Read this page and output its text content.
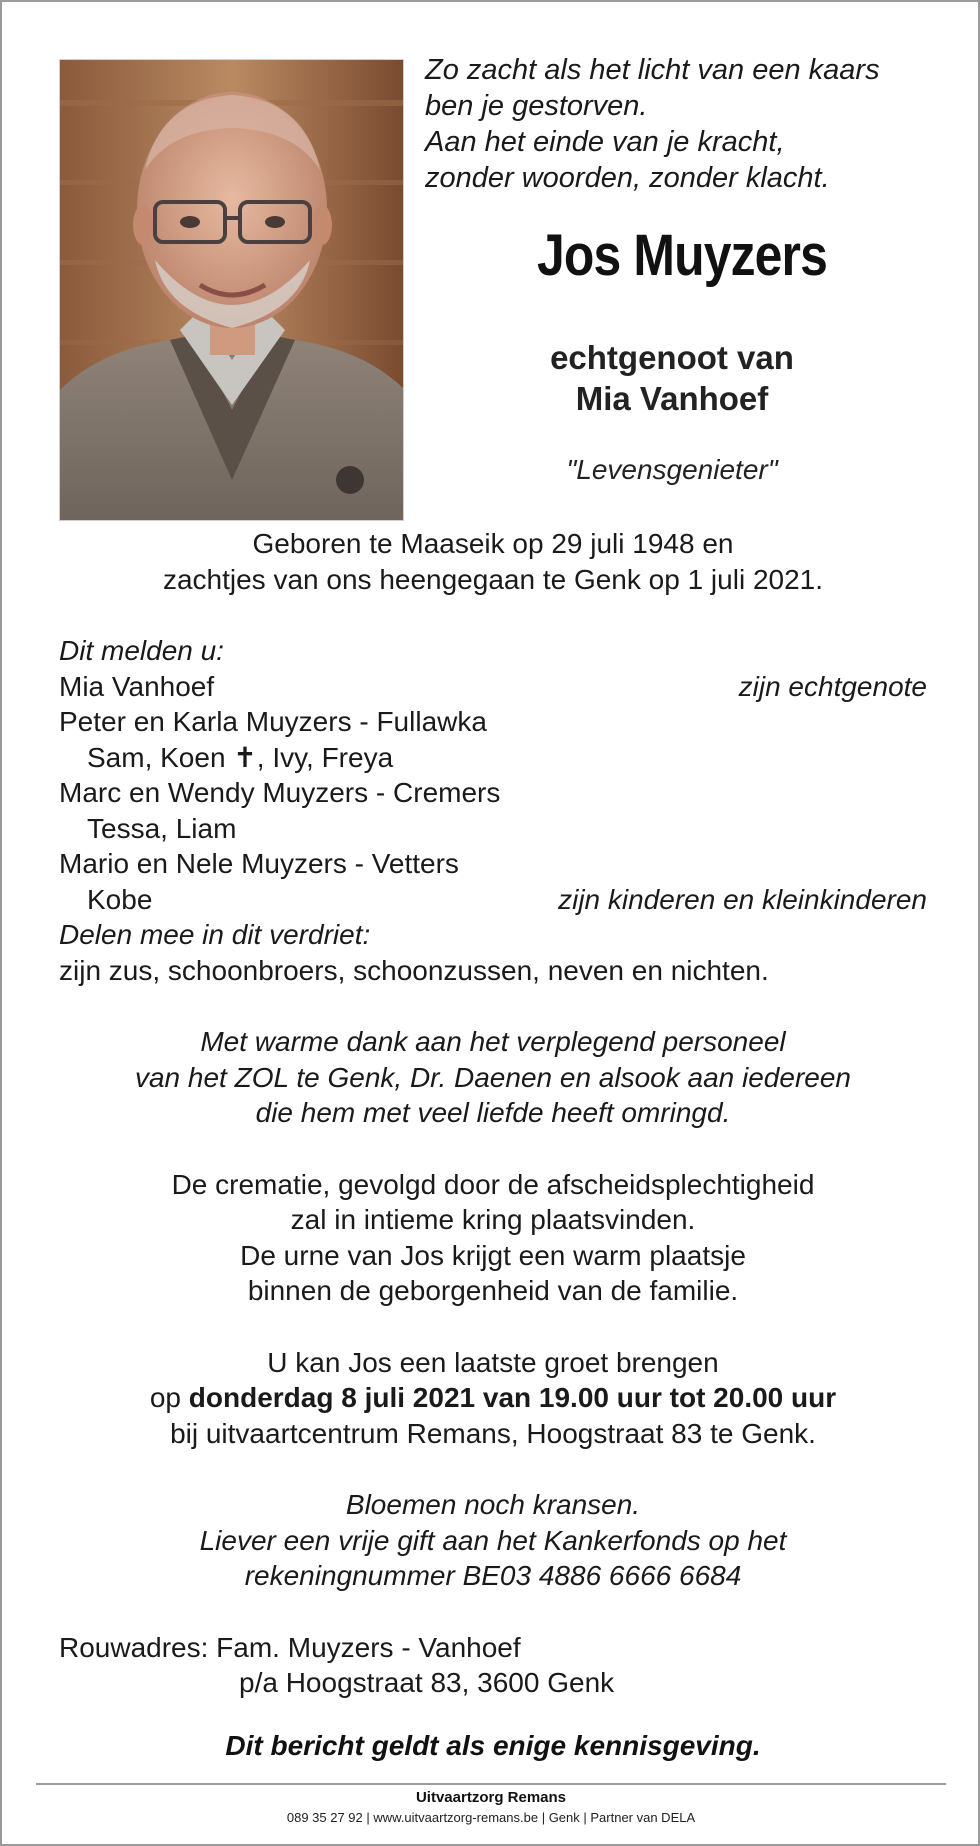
Zo zacht als het licht van een kaars
ben je gestorven.
Aan het einde van je kracht,
zonder woorden, zonder klacht.
Jos Muyzers
echtgenoot van
Mia Vanhoef
"Levensgenieter"
Geboren te Maaseik op 29 juli 1948 en
zachtjes van ons heengegaan te Genk op 1 juli 2021.
Dit melden u:
Mia Vanhoef	zijn echtgenote
Peter en Karla Muyzers - Fullawka
Sam, Koen ✝, Ivy, Freya
Marc en Wendy Muyzers - Cremers
Tessa, Liam
Mario en Nele Muyzers - Vetters
Kobe	zijn kinderen en kleinkinderen
Delen mee in dit verdriet:
zijn zus, schoonbroers, schoonzussen, neven en nichten.
Met warme dank aan het verplegend personeel
van het ZOL te Genk, Dr. Daenen en alsook aan iedereen
die hem met veel liefde heeft omringd.
De crematie, gevolgd door de afscheidsplechtigheid
zal in intieme kring plaatsvinden.
De urne van Jos krijgt een warm plaatsje
binnen de geborgenheid van de familie.
U kan Jos een laatste groet brengen
op donderdag 8 juli 2021 van 19.00 uur tot 20.00 uur
bij uitvaartcentrum Remans, Hoogstraat 83 te Genk.
Bloemen noch kransen.
Liever een vrije gift aan het Kankerfonds op het
rekeningnummer BE03 4886 6666 6684
Rouwadres: Fam. Muyzers - Vanhoef
p/a Hoogstraat 83, 3600 Genk
Dit bericht geldt als enige kennisgeving.
Uitvaartzorg Remans
089 35 27 92 | www.uitvaartzorg-remans.be | Genk | Partner van DELA
